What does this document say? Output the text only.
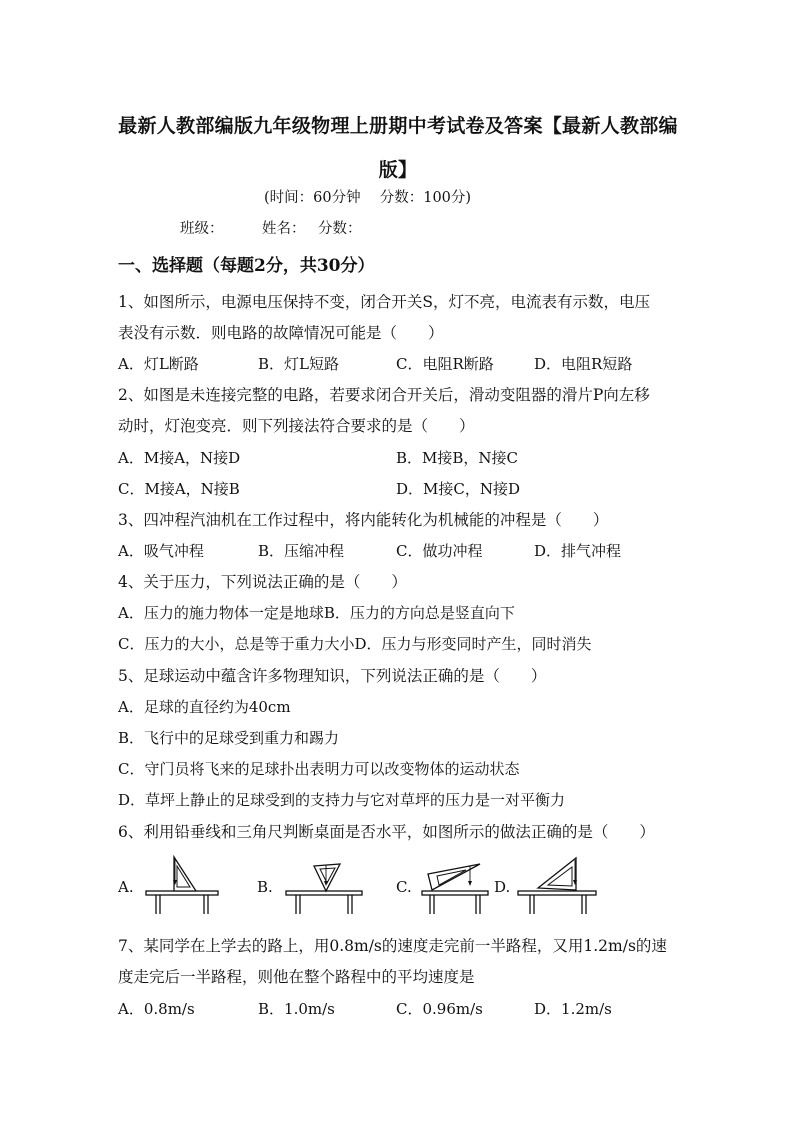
最新人教部编版九年级物理上册期中考试卷及答案【最新人教部编版】
(时间：60分钟　 分数：100分)
班级：	姓名： 分数：
一、选择题（每题2分，共30分）
1、如图所示，电源电压保持不变，闭合开关S，灯不亮，电流表有示数，电压
表没有示数．则电路的故障情况可能是（　　）
A．灯L断路	B．灯L短路	C．电阻R断路	D．电阻R短路
2、如图是未连接完整的电路，若要求闭合开关后，滑动变阻器的滑片P向左移
动时，灯泡变亮．则下列接法符合要求的是（　　）
A．M接A，N接D	B．M接B，N接C
C．M接A，N接B	D．M接C，N接D
3、四冲程汽油机在工作过程中，将内能转化为机械能的冲程是（　　）
A．吸气冲程	B．压缩冲程	C．做功冲程	D．排气冲程
4、关于压力，下列说法正确的是（　　）
A．压力的施力物体一定是地球B．压力的方向总是竖直向下
C．压力的大小，总是等于重力大小D．压力与形变同时产生，同时消失
5、足球运动中蕴含许多物理知识，下列说法正确的是（　　）
A．足球的直径约为40cm
B．飞行中的足球受到重力和踢力
C．守门员将飞来的足球扑出表明力可以改变物体的运动状态
D．草坪上静止的足球受到的支持力与它对草坪的压力是一对平衡力
6、利用铅垂线和三角尺判断桌面是否水平，如图所示的做法正确的是（　　）
A.	B.	C.	D.
7、某同学在上学去的路上，用0.8m/s的速度走完前一半路程，又用1.2m/s的速
度走完后一半路程，则他在整个路程中的平均速度是
A．0.8m/s	B．1.0m/s	C．0.96m/s	D．1.2m/s
